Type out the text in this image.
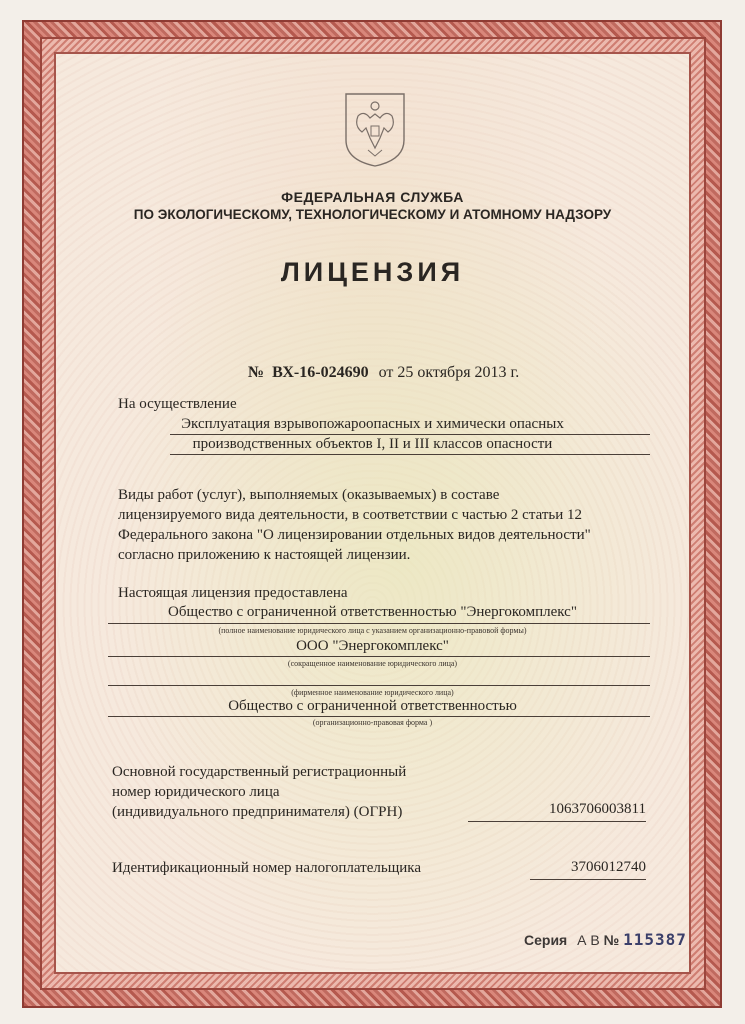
ФЕДЕРАЛЬНАЯ СЛУЖБА
ПО ЭКОЛОГИЧЕСКОМУ, ТЕХНОЛОГИЧЕСКОМУ И АТОМНОМУ НАДЗОРУ
ЛИЦЕНЗИЯ
№ ВХ-16-024690 от 25 октября 2013 г.
На осуществление
Эксплуатация взрывопожароопасных и химически опасных
производственных объектов I, II и III классов опасности
Виды работ (услуг), выполняемых (оказываемых) в составе
лицензируемого вида деятельности, в соответствии с частью 2 статьи 12
Федерального закона "О лицензировании отдельных видов деятельности"
согласно приложению к настоящей лицензии.
Настоящая лицензия предоставлена
Общество с ограниченной ответственностью "Энергокомплекс"
(полное наименование юридического лица с указанием организационно-правовой формы)
ООО "Энергокомплекс"
(сокращенное наименование юридического лица)
(фирменное наименование юридического лица)
Общество с ограниченной ответственностью
(организационно-правовая форма )
Основной государственный регистрационный
номер юридического лица
(индивидуального предпринимателя) (ОГРН)	1063706003811
Идентификационный номер налогоплательщика	3706012740
Серия А В № 115387
